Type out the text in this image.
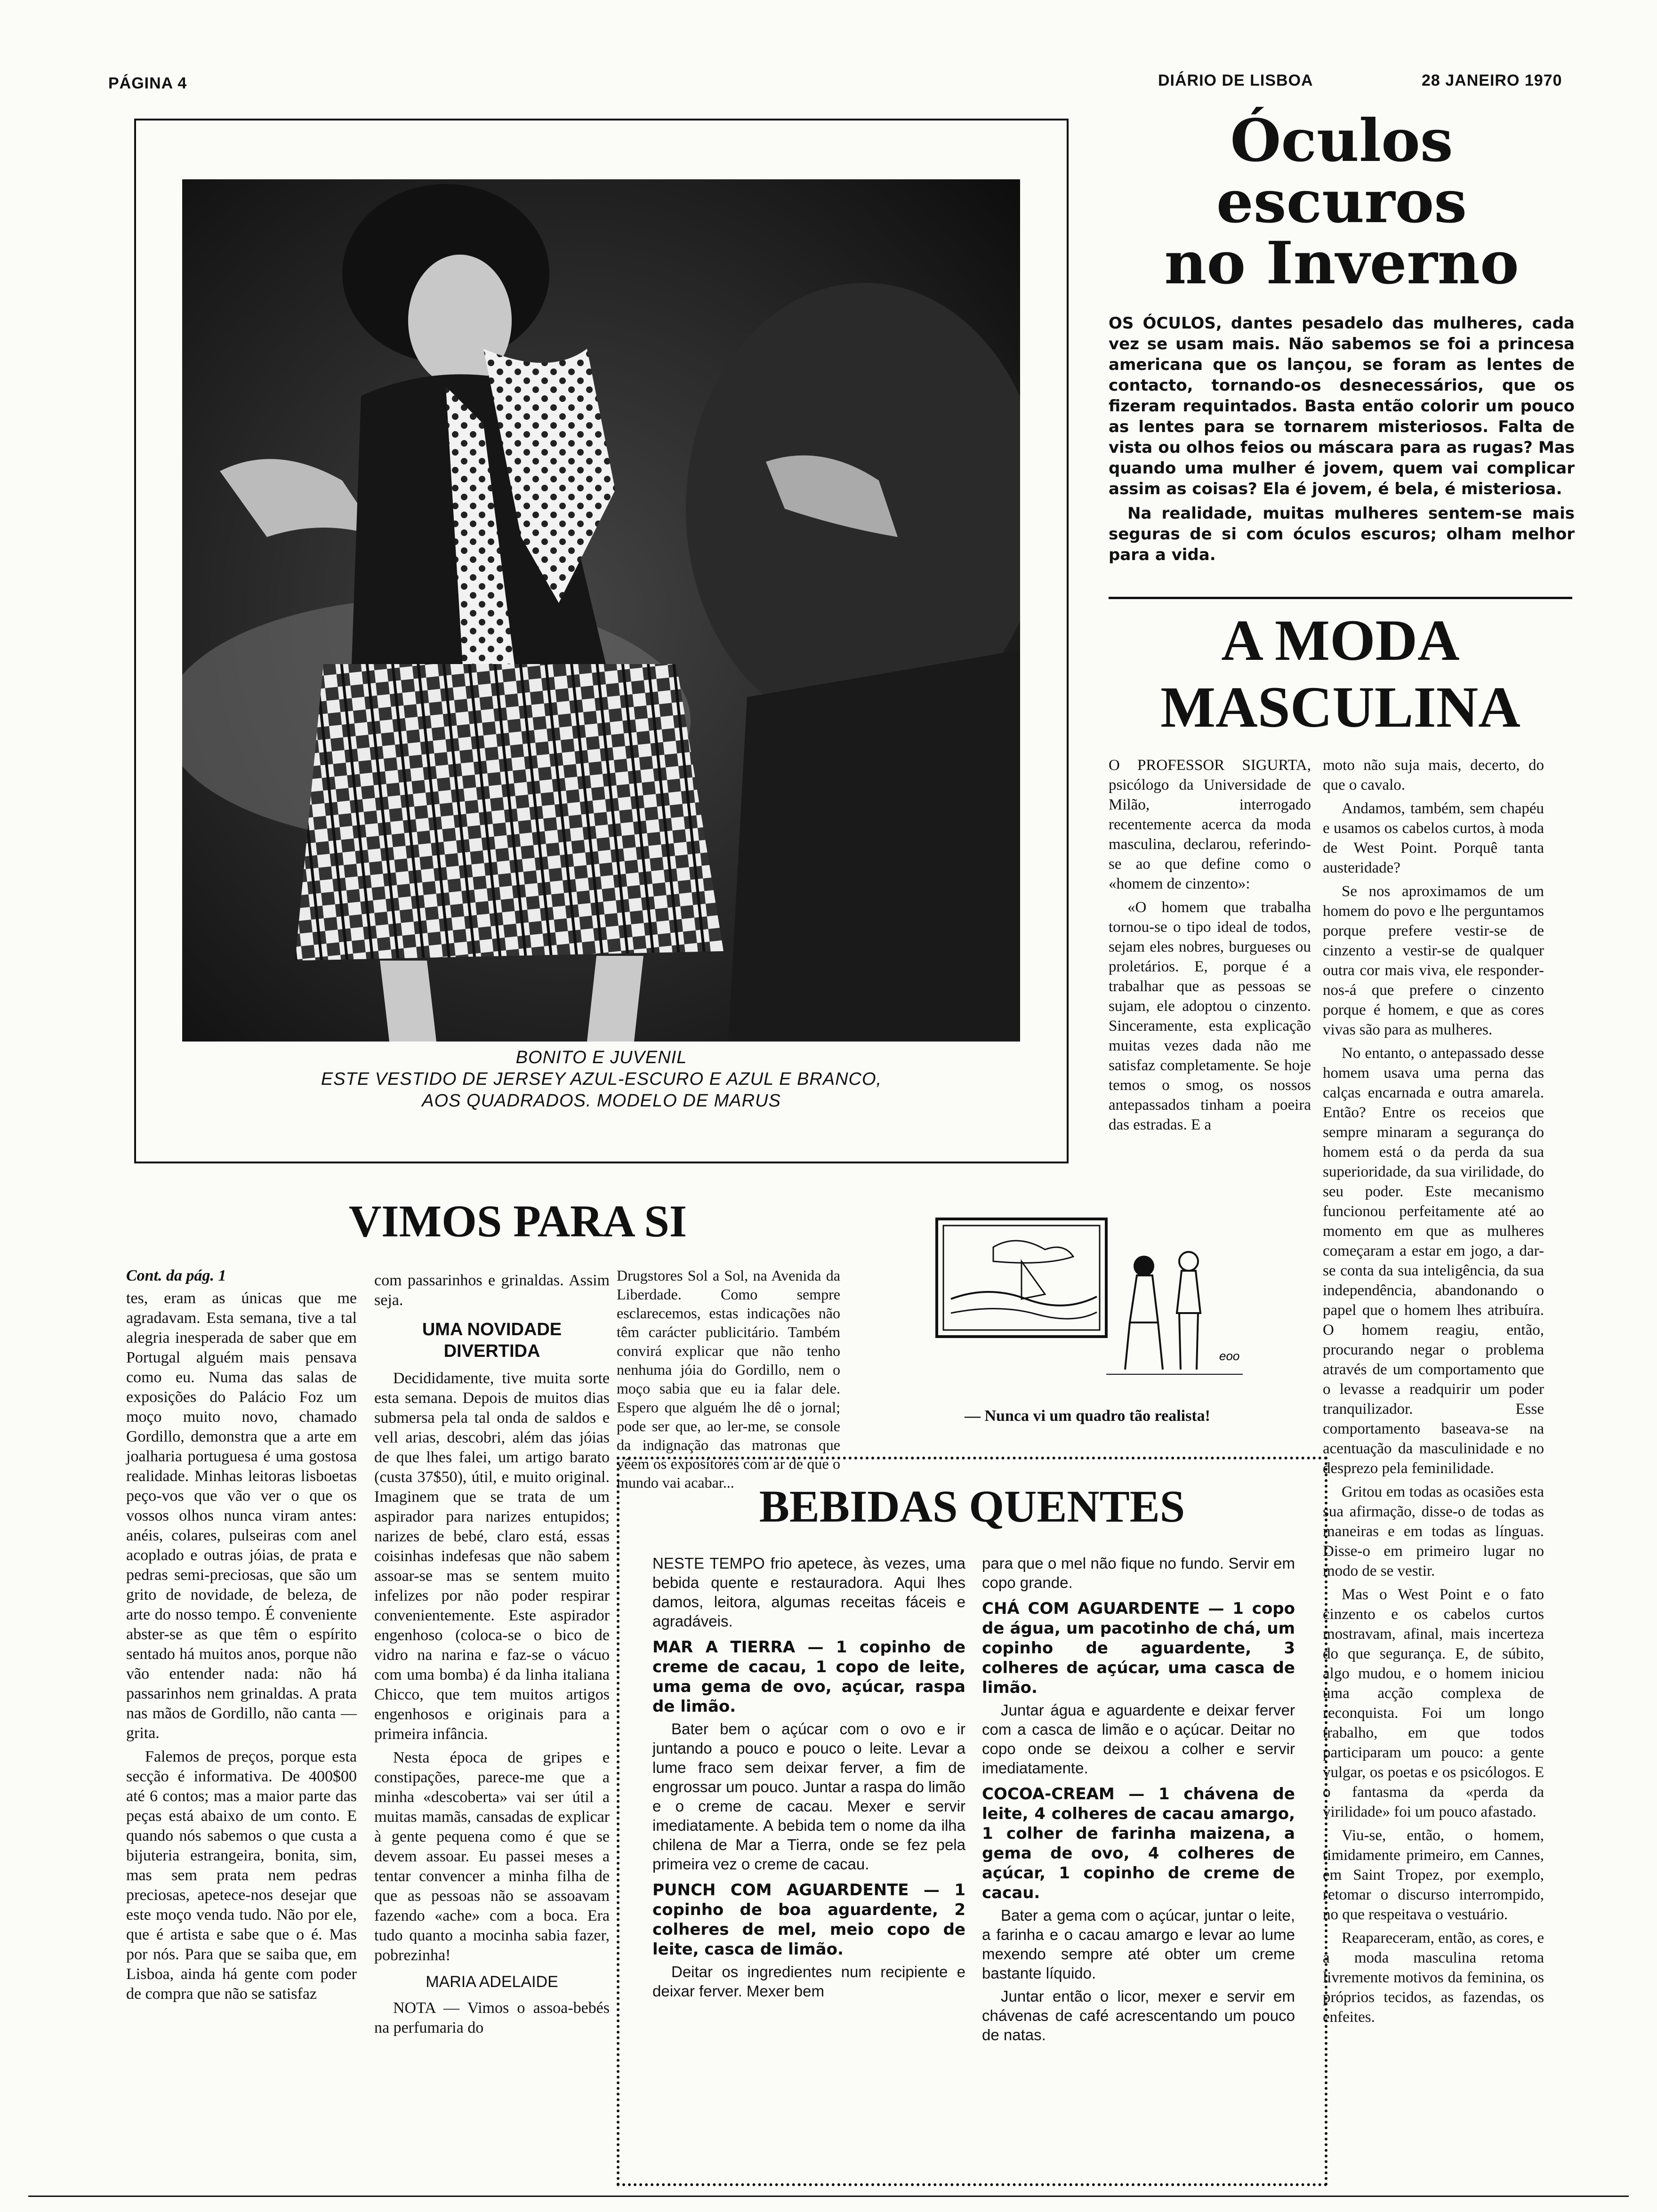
PÁGINA 4	DIÁRIO DE LISBOA	28 JANEIRO 1970
BONITO E JUVENIL
ESTE VESTIDO DE JERSEY AZUL-ESCURO E AZUL E BRANCO,
AOS QUADRADOS. MODELO DE MARUS
Óculos
escuros
no Inverno

OS ÓCULOS, dantes pesadelo das mulheres, cada vez se usam mais. Não sabemos se foi a princesa americana que os lançou, se foram as lentes de contacto, tornando-os desnecessários, que os fizeram requintados. Basta então colorir um pouco as lentes para se tornarem misteriosos. Falta de vista ou olhos feios ou máscara para as rugas? Mas quando uma mulher é jovem, quem vai complicar assim as coisas? Ela é jovem, é bela, é misteriosa.

Na realidade, muitas mulheres sentem-se mais seguras de si com óculos escuros; olham melhor para a vida.

A MODA
MASCULINA

O PROFESSOR SIGURTA, psicólogo da Universidade de Milão, interrogado recentemente acerca da moda masculina, declarou, referindo-se ao que define como o «homem de cinzento»:

«O homem que trabalha tornou-se o tipo ideal de todos, sejam eles nobres, burgueses ou proletários. E, porque é a trabalhar que as pessoas se sujam, ele adoptou o cinzento. Sinceramente, esta explicação muitas vezes dada não me satisfaz completamente. Se hoje temos o smog, os nossos antepassados tinham a poeira das estradas. E a

moto não suja mais, decerto, do que o cavalo.

Andamos, também, sem chapéu e usamos os cabelos curtos, à moda de West Point. Porquê tanta austeridade?

Se nos aproximamos de um homem do povo e lhe perguntamos porque prefere vestir-se de cinzento a vestir-se de qualquer outra cor mais viva, ele responder-nos-á que prefere o cinzento porque é homem, e que as cores vivas são para as mulheres.

No entanto, o antepassado desse homem usava uma perna das calças encarnada e outra amarela. Então? Entre os receios que sempre minaram a segurança do homem está o da perda da sua superioridade, da sua virilidade, do seu poder. Este mecanismo funcionou perfeitamente até ao momento em que as mulheres começaram a estar em jogo, a dar-se conta da sua inteligência, da sua independência, abandonando o papel que o homem lhes atribuíra. O homem reagiu, então, procurando negar o problema através de um comportamento que o levasse a readquirir um poder tranquilizador. Esse comportamento baseava-se na acentuação da masculinidade e no desprezo pela feminilidade.

Gritou em todas as ocasiões esta sua afirmação, disse-o de todas as maneiras e em todas as línguas. Disse-o em primeiro lugar no modo de se vestir.

Mas o West Point e o fato cinzento e os cabelos curtos mostravam, afinal, mais incerteza do que segurança. E, de súbito, algo mudou, e o homem iniciou uma acção complexa de reconquista. Foi um longo trabalho, em que todos participaram um pouco: a gente vulgar, os poetas e os psicólogos. E o fantasma da «perda da virilidade» foi um pouco afastado.

Viu-se, então, o homem, timidamente primeiro, em Cannes, em Saint Tropez, por exemplo, retomar o discurso interrompido, no que respeitava o vestuário.

Reapareceram, então, as cores, e a moda masculina retoma livremente motivos da feminina, os próprios tecidos, as fazendas, os enfeites.

VIMOS PARA SI
Cont. da pág. 1

tes, eram as únicas que me agradavam. Esta semana, tive a tal alegria inesperada de saber que em Portugal alguém mais pensava como eu. Numa das salas de exposições do Palácio Foz um moço muito novo, chamado Gordillo, demonstra que a arte em joalharia portuguesa é uma gostosa realidade. Minhas leitoras lisboetas peço-vos que vão ver o que os vossos olhos nunca viram antes: anéis, colares, pulseiras com anel acoplado e outras jóias, de prata e pedras semi-preciosas, que são um grito de novidade, de beleza, de arte do nosso tempo. É conveniente abster-se as que têm o espírito sentado há muitos anos, porque não vão entender nada: não há passarinhos nem grinaldas. A prata nas mãos de Gordillo, não canta — grita.

Falemos de preços, porque esta secção é informativa. De 400$00 até 6 contos; mas a maior parte das peças está abaixo de um conto. E quando nós sabemos o que custa a bijuteria estrangeira, bonita, sim, mas sem prata nem pedras preciosas, apetece-nos desejar que este moço venda tudo. Não por ele, que é artista e sabe que o é. Mas por nós. Para que se saiba que, em Lisboa, ainda há gente com poder de compra que não se satisfaz

com passarinhos e grinaldas. Assim seja.

UMA NOVIDADE DIVERTIDA

Decididamente, tive muita sorte esta semana. Depois de muitos dias submersa pela tal onda de saldos e vell arias, descobri, além das jóias de que lhes falei, um artigo barato (custa 37$50), útil, e muito original. Imaginem que se trata de um aspirador para narizes entupidos; narizes de bebé, claro está, essas coisinhas indefesas que não sabem assoar-se mas se sentem muito infelizes por não poder respirar convenientemente. Este aspirador engenhoso (coloca-se o bico de vidro na narina e faz-se o vácuo com uma bomba) é da linha italiana Chicco, que tem muitos artigos engenhosos e originais para a primeira infância.

Nesta época de gripes e constipações, parece-me que a minha «descoberta» vai ser útil a muitas mamãs, cansadas de explicar à gente pequena como é que se devem assoar. Eu passei meses a tentar convencer a minha filha de que as pessoas não se assoavam fazendo «ache» com a boca. Era tudo quanto a mocinha sabia fazer, pobrezinha!

MARIA ADELAIDE

NOTA — Vimos o assoa-bebés na perfumaria do

Drugstores Sol a Sol, na Avenida da Liberdade. Como sempre esclarecemos, estas indicações não têm carácter publicitário. Também convirá explicar que não tenho nenhuma jóia do Gordillo, nem o moço sabia que eu ia falar dele. Espero que alguém lhe dê o jornal; pode ser que, ao ler-me, se console da indignação das matronas que vêem os expositores com ar de que o mundo vai acabar...

eoo
— Nunca vi um quadro tão realista!
BEBIDAS QUENTES

NESTE TEMPO frio apetece, às vezes, uma bebida quente e restauradora. Aqui lhes damos, leitora, algumas receitas fáceis e agradáveis.

MAR A TIERRA — 1 copinho de creme de cacau, 1 copo de leite, uma gema de ovo, açúcar, raspa de limão.

Bater bem o açúcar com o ovo e ir juntando a pouco e pouco o leite. Levar a lume fraco sem deixar ferver, a fim de engrossar um pouco. Juntar a raspa do limão e o creme de cacau. Mexer e servir imediatamente. A bebida tem o nome da ilha chilena de Mar a Tierra, onde se fez pela primeira vez o creme de cacau.

PUNCH COM AGUARDENTE — 1 copinho de boa aguardente, 2 colheres de mel, meio copo de leite, casca de limão.

Deitar os ingredientes num recipiente e deixar ferver. Mexer bem

para que o mel não fique no fundo. Servir em copo grande.

CHÁ COM AGUARDENTE — 1 copo de água, um pacotinho de chá, um copinho de aguardente, 3 colheres de açúcar, uma casca de limão.

Juntar água e aguardente e deixar ferver com a casca de limão e o açúcar. Deitar no copo onde se deixou a colher e servir imediatamente.

COCOA-CREAM — 1 chávena de leite, 4 colheres de cacau amargo, 1 colher de farinha maizena, a gema de ovo, 4 colheres de açúcar, 1 copinho de creme de cacau.

Bater a gema com o açúcar, juntar o leite, a farinha e o cacau amargo e levar ao lume mexendo sempre até obter um creme bastante líquido.

Juntar então o licor, mexer e servir em chávenas de café acrescentando um pouco de natas.
